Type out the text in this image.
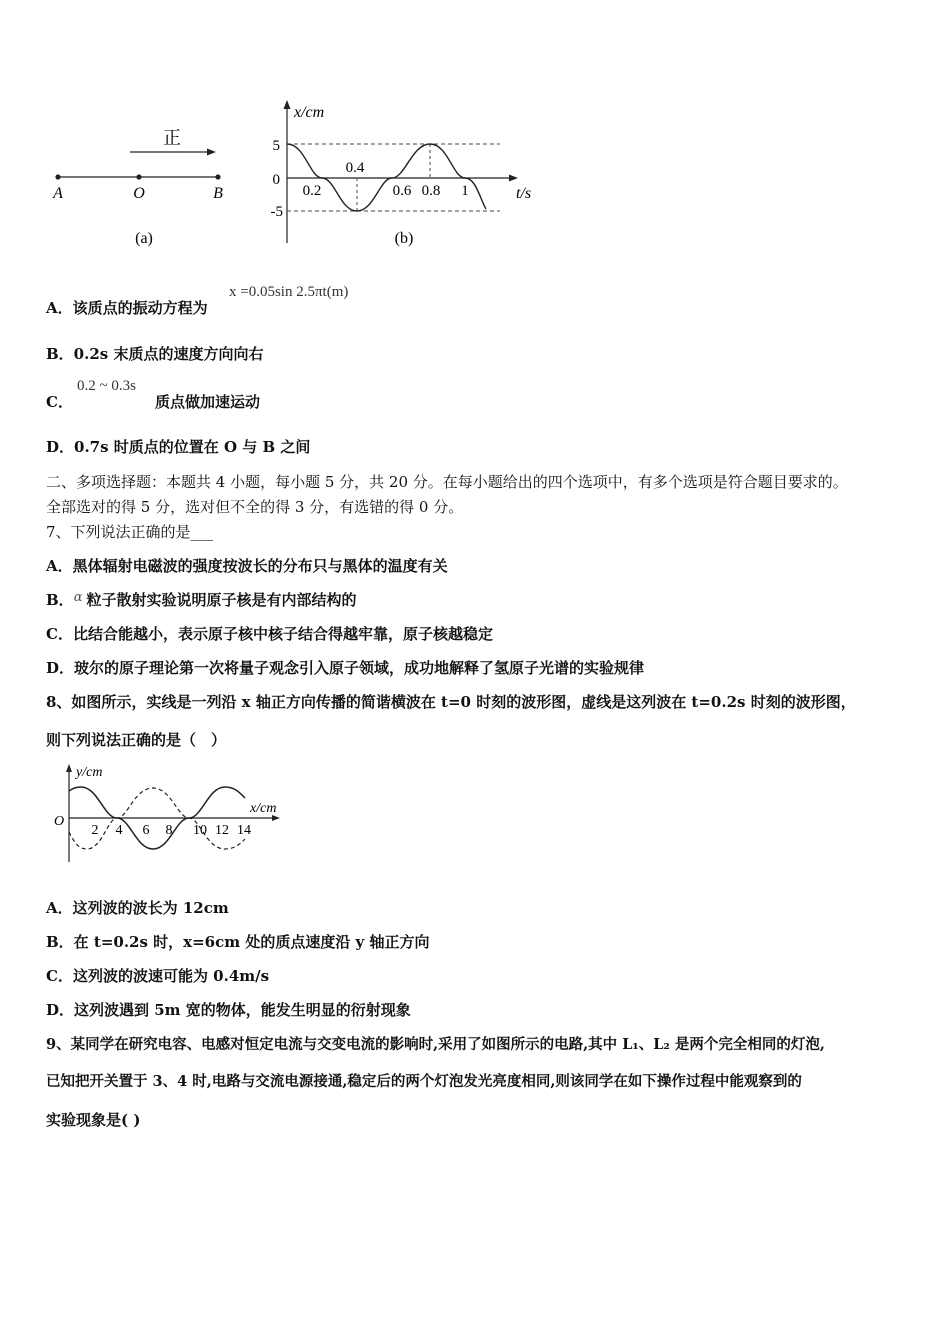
正
A	O	B
(a)
x/cm
t/s
5
0
-5
0.2
0.4
0.6 0.8 1
(b)
x =0.05sin 2.5πt(m)
A．该质点的振动方程为
B．0.2s 末质点的速度方向向右
C．
0.2 ~ 0.3s
质点做加速运动
D．0.7s 时质点的位置在 O 与 B 之间
二、多项选择题：本题共 4 小题，每小题 5 分，共 20 分。在每小题给出的四个选项中，有多个选项是符合题目要求的。
全部选对的得 5 分，选对但不全的得 3 分，有选错的得 0 分。
7、下列说法正确的是___
A．黑体辐射电磁波的强度按波长的分布只与黑体的温度有关
B．α 粒子散射实验说明原子核是有内部结构的
C．比结合能越小，表示原子核中核子结合得越牢靠，原子核越稳定
D．玻尔的原子理论第一次将量子观念引入原子领域，成功地解释了氢原子光谱的实验规律
8、如图所示，实线是一列沿 x 轴正方向传播的简谐横波在 t=0 时刻的波形图，虚线是这列波在 t=0.2s 时刻的波形图，
则下列说法正确的是（　）
y/cm
x/cm
O
2 4 6 8 10 12 14
A．这列波的波长为 12cm
B．在 t=0.2s 时，x=6cm 处的质点速度沿 y 轴正方向
C．这列波的波速可能为 0.4m/s
D．这列波遇到 5m 宽的物体，能发生明显的衍射现象
9、某同学在研究电容、电感对恒定电流与交变电流的影响时,采用了如图所示的电路,其中 L₁、L₂ 是两个完全相同的灯泡,
已知把开关置于 3、4 时,电路与交流电源接通,稳定后的两个灯泡发光亮度相同,则该同学在如下操作过程中能观察到的
实验现象是( )
